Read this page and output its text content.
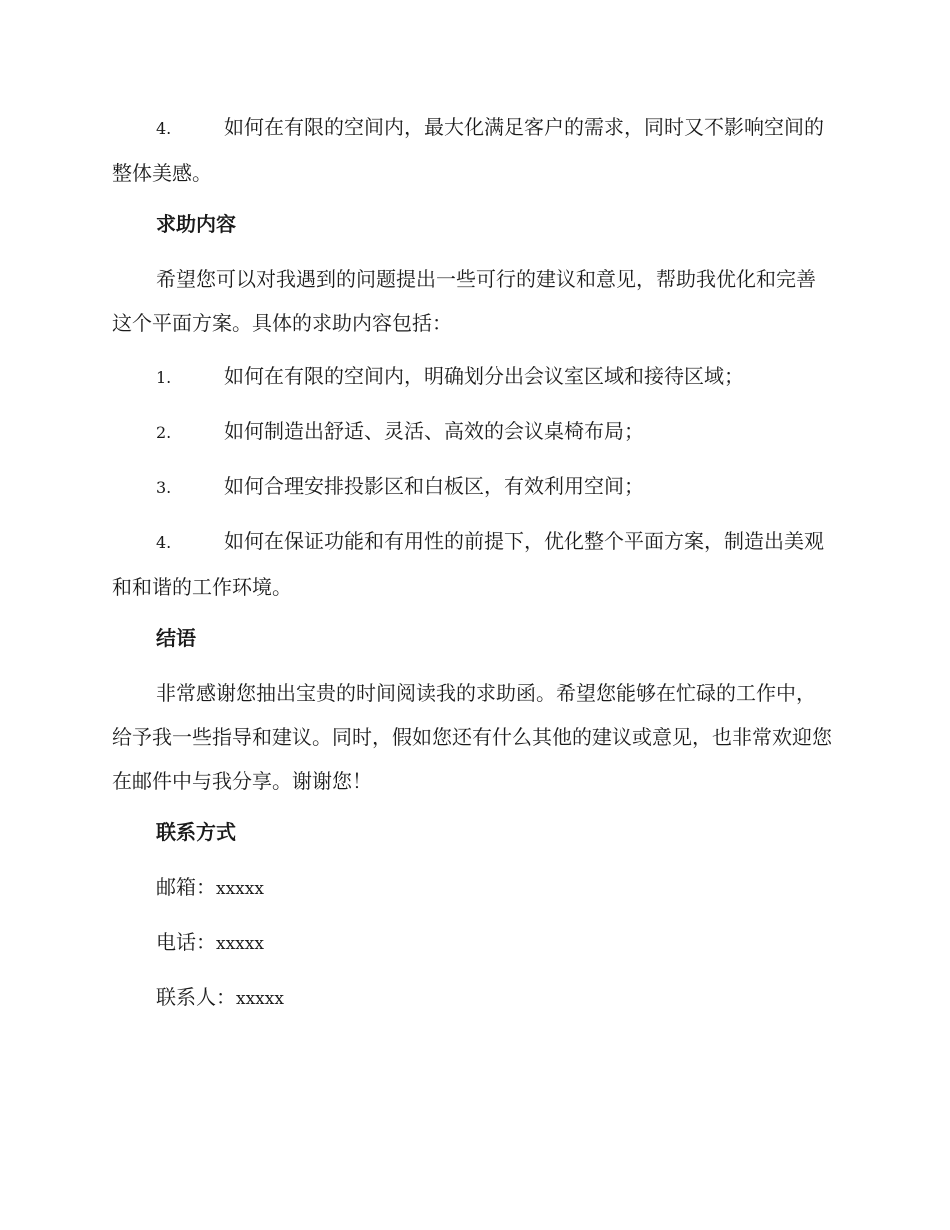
4.	如何在有限的空间内，最大化满足客户的需求，同时又不影响空间的整体美感。

求助内容

希望您可以对我遇到的问题提出一些可行的建议和意见，帮助我优化和完善这个平面方案。具体的求助内容包括：

1.	如何在有限的空间内，明确划分出会议室区域和接待区域；

2.	如何制造出舒适、灵活、高效的会议桌椅布局；

3.	如何合理安排投影区和白板区，有效利用空间；

4.	如何在保证功能和有用性的前提下，优化整个平面方案，制造出美观和和谐的工作环境。

结语

非常感谢您抽出宝贵的时间阅读我的求助函。希望您能够在忙碌的工作中，给予我一些指导和建议。同时，假如您还有什么其他的建议或意见，也非常欢迎您在邮件中与我分享。谢谢您！

联系方式

邮箱：xxxxx

电话：xxxxx

联系人：xxxxx
